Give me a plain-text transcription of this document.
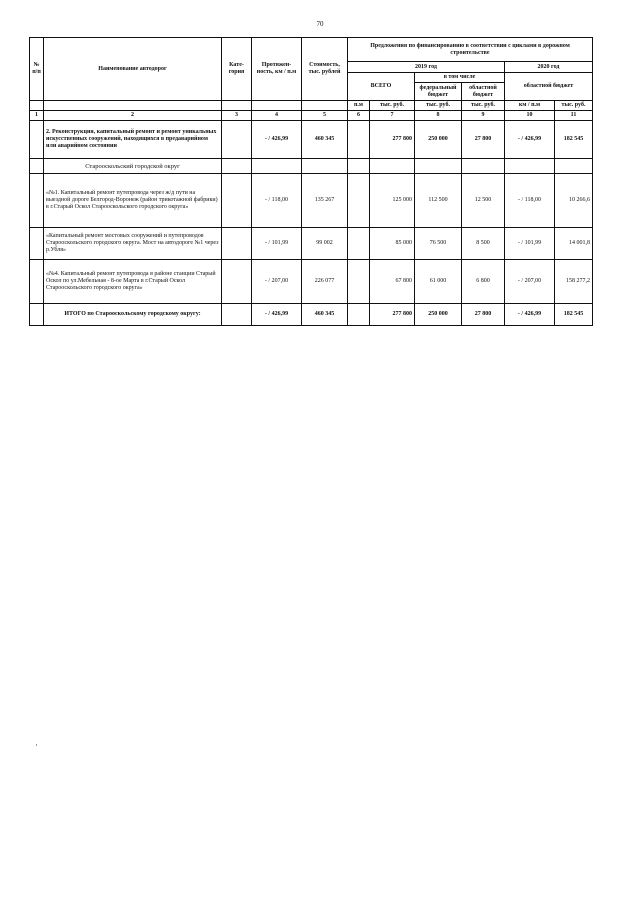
70
№ п/п	Наименование автодорог	Кате- гория	Протяжен- ность, км / п.м	Стоимость, тыс. рублей	Предложения по финансированию в соответствии с циклами в дорожном строительстве					
					2019 год				2020 год	
					ВСЕГО		в том числе		областной бюджет	
							федеральный бюджет	областной бюджет		
					п.м	тыс. руб.	тыс. руб.	тыс. руб.	км / п.м	тыс. руб.
1	2	3	4	5	6	7	8	9	10	11
	2. Реконструкция, капитальный ремонт и ремонт уникальных искусственных сооружений, находящихся в предаварийном или аварийном состоянии		- / 426,99	460 345		277 800	250 000	27 800	- / 426,99	182 545
	Старооскольский городской округ									
	«№1. Капитальный ремонт путепровода через ж/д пути на выездной дороге Белгород-Воронеж (район трикотажной фабрики) в г.Старый Оскол Старооскольского городского округа»		- / 118,00	135 267		125 000	112 500	12 500	- / 118,00	10 266,6
	«Капитальный ремонт мостовых сооружений и путепроводов Старооскольского городского округа. Мост на автодороге №1 через р.Убля»		- / 101,99	99 002		85 000	76 500	8 500	- / 101,99	14 001,8
	«№4. Капитальный ремонт путепровода в районе станции Старый Оскол по ул.Мебельная - 8-ое Марта в г.Старый Оскол Старооскольского городского округа»		- / 207,00	226 077		67 800	61 000	6 800	- / 207,00	158 277,2
	ИТОГО по Старооскольскому городскому округу:		- / 426,99	460 345		277 800	250 000	27 800	- / 426,99	182 545
